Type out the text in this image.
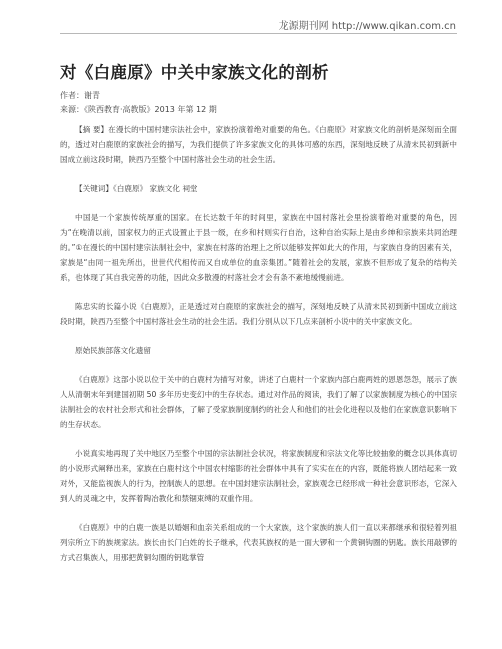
龙源期刊网 http://www.qikan.com.cn
对《白鹿原》中关中家族文化的剖析
作者：谢青
来源：《陕西教育·高教版》2013 年第 12 期

【摘 要】在漫长的中国村建宗法社会中，家族扮演着绝对重要的角色。《白鹿原》对家族文化的剖析是深刻而全面的，透过对白鹿原的家族社会的描写，为我们提供了许多家族文化的具体可感的东西，深刻地反映了从清末民初到新中国成立前这段时期，陕西乃至整个中国村落社会生动的社会生活。

【关键词】《白鹿原》 家族文化 祠堂

中国是一个家族传统厚重的国家。在长达数千年的时间里，家族在中国村落社会里扮演着绝对重要的角色，因为“在晚清以前，国家权力的正式设置止于县一级，在乡和村则实行自治，这种自治实际上是由乡绅和宗族来共同治理的。”①在漫长的中国村建宗法制社会中，家族在村落的治理上之所以能够发挥如此大的作用，与家族自身的因素有关，家族是“由同一祖先所出，世世代代相传而又自成单位的血亲集团。”随着社会的发展，家族不但形成了复杂的结构关系，也体现了其自我完善的功能，因此众多散漫的村落社会才会有条不紊地缓慢前进。

陈忠实的长篇小说《白鹿原》，正是透过对白鹿原的家族社会的描写，深刻地反映了从清末民初到新中国成立前这段时期，陕西乃至整个中国村落社会生动的社会生活。我们分别从以下几点来剖析小说中的关中家族文化。

原始民族部落文化遗留

《白鹿原》这部小说以位于关中的白鹿村为描写对象，讲述了白鹿村一个家族内部白鹿两姓的恩恩怨怨，展示了族人从清朝末年到建国初期 50 多年历史变幻中的生存状态。通过对作品的阅读，我们了解了以家族制度为核心的中国宗法制社会的农村社会形式和社会群体，了解了受家族制度制约的社会人和他们的社会化进程以及他们在家族意识影响下的生存状态。

小说真实地再现了关中地区乃至整个中国的宗法制社会状况，将家族制度和宗法文化等比较抽象的概念以具体真切的小说形式阐释出来，家族在白鹿村这个中国农村缩影的社会群体中具有了实实在在的内容，既能将族人团结起来一致对外，又能监视族人的行为，控制族人的思想。在中国封建宗法制社会，家族观念已经形成一种社会意识形态，它深入到人的灵魂之中，发挥着陶冶教化和禁锢束缚的双重作用。

《白鹿原》中的白鹿一族是以婚姻和血亲关系组成的一个大家族，这个家族的族人们一直以来都继承和很轻着列祖列宗所立下的族规家法。族长由长门白姓的长子继承，代表其族权的是一面大锣和一个黄铜钩圈的钥匙。族长用敲锣的方式召集族人，用那把黄铜勾圈的钥匙掌管
